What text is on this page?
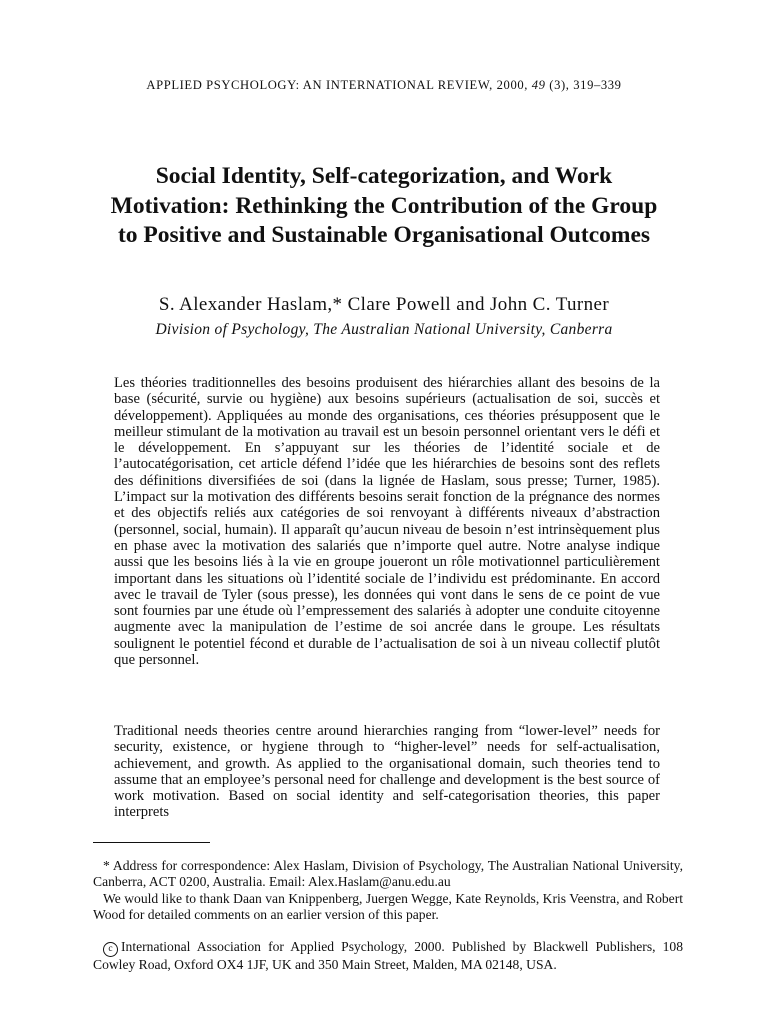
APPLIED PSYCHOLOGY: AN INTERNATIONAL REVIEW, 2000, 49 (3), 319–339
Social Identity, Self-categorization, and Work Motivation: Rethinking the Contribution of the Group to Positive and Sustainable Organisational Outcomes
S. Alexander Haslam,* Clare Powell and John C. Turner
Division of Psychology, The Australian National University, Canberra
Les théories traditionnelles des besoins produisent des hiérarchies allant des besoins de la base (sécurité, survie ou hygiène) aux besoins supérieurs (actualisation de soi, succès et développement). Appliquées au monde des organisations, ces théories présupposent que le meilleur stimulant de la motivation au travail est un besoin personnel orientant vers le défi et le développement. En s’appuyant sur les théories de l’identité sociale et de l’autocatégorisation, cet article défend l’idée que les hiérarchies de besoins sont des reflets des définitions diversifiées de soi (dans la lignée de Haslam, sous presse; Turner, 1985). L’impact sur la motivation des différents besoins serait fonction de la prégnance des normes et des objectifs reliés aux catégories de soi renvoyant à différents niveaux d’abstraction (personnel, social, humain). Il apparaît qu’aucun niveau de besoin n’est intrinsèquement plus en phase avec la motivation des salariés que n’importe quel autre. Notre analyse indique aussi que les besoins liés à la vie en groupe joueront un rôle motivationnel particulièrement important dans les situations où l’identité sociale de l’individu est prédominante. En accord avec le travail de Tyler (sous presse), les données qui vont dans le sens de ce point de vue sont fournies par une étude où l’empressement des salariés à adopter une conduite citoyenne augmente avec la manipulation de l’estime de soi ancrée dans le groupe. Les résultats soulignent le potentiel fécond et durable de l’actualisation de soi à un niveau collectif plutôt que personnel.
Traditional needs theories centre around hierarchies ranging from “lower-level” needs for security, existence, or hygiene through to “higher-level” needs for self-actualisation, achievement, and growth. As applied to the organisational domain, such theories tend to assume that an employee’s personal need for challenge and development is the best source of work motivation. Based on social identity and self-categorisation theories, this paper interprets

* Address for correspondence: Alex Haslam, Division of Psychology, The Australian National University, Canberra, ACT 0200, Australia. Email: Alex.Haslam@anu.edu.au

We would like to thank Daan van Knippenberg, Juergen Wegge, Kate Reynolds, Kris Veenstra, and Robert Wood for detailed comments on an earlier version of this paper.

c International Association for Applied Psychology, 2000. Published by Blackwell Publishers, 108 Cowley Road, Oxford OX4 1JF, UK and 350 Main Street, Malden, MA 02148, USA.
